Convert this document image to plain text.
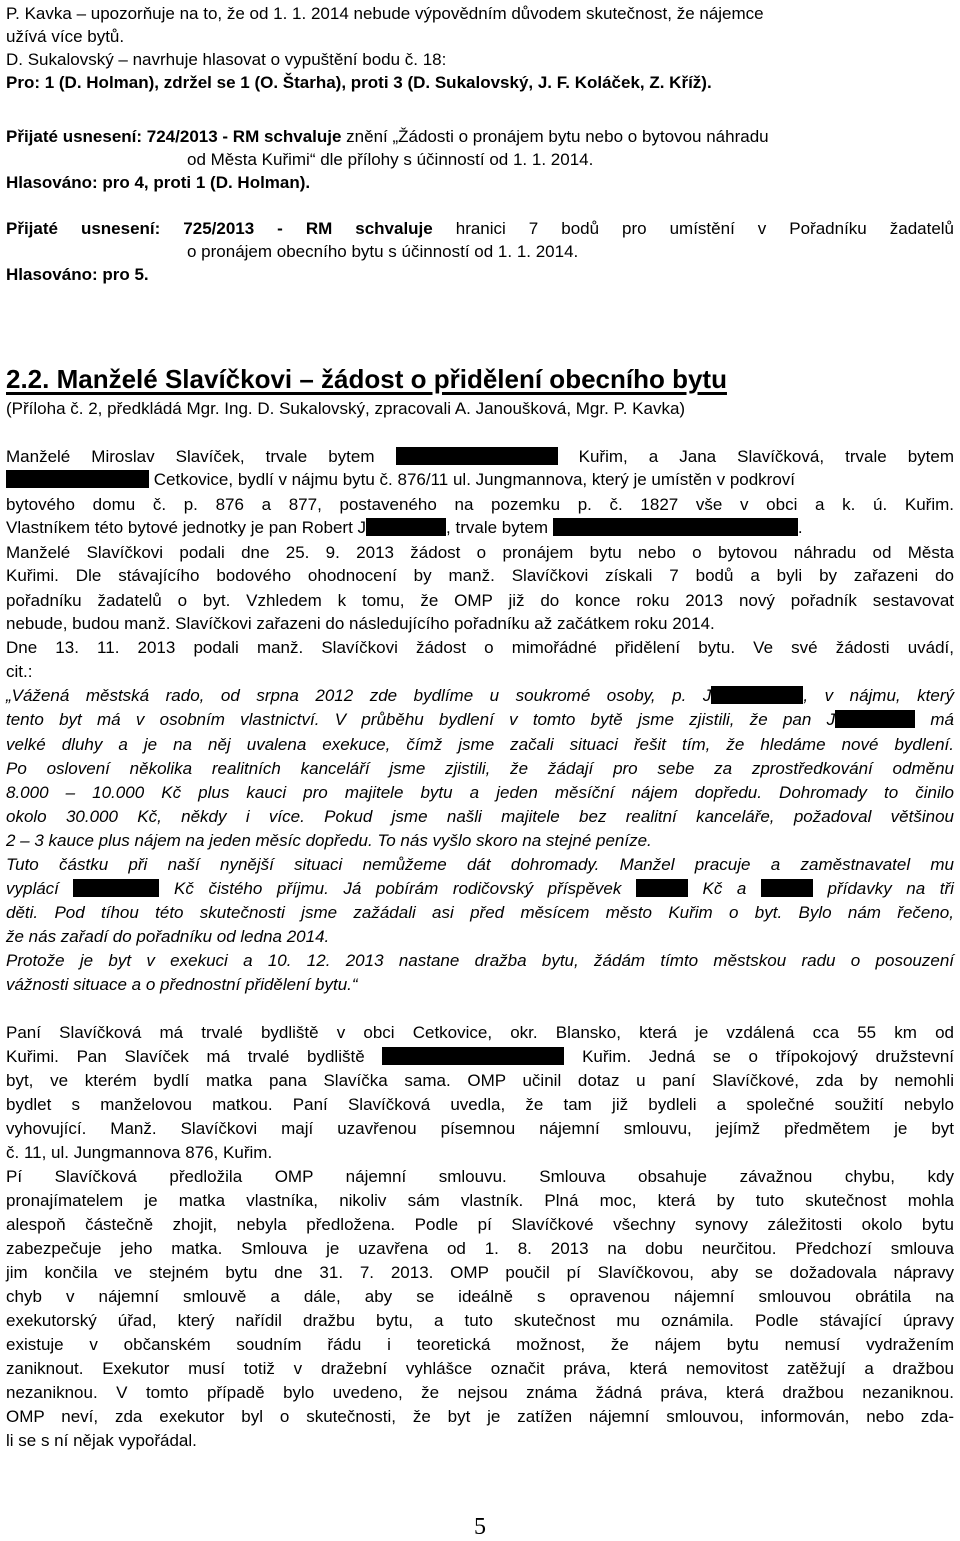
P. Kavka – upozorňuje na to, že od 1. 1. 2014 nebude výpovědním důvodem skutečnost, že nájemce
užívá více bytů.
D. Sukalovský – navrhuje hlasovat o vypuštění bodu č. 18:
Pro: 1 (D. Holman), zdržel se 1 (O. Štarha), proti 3 (D. Sukalovský, J. F. Koláček, Z. Kříž).
Přijaté usnesení: 724/2013 - RM schvaluje znění „Žádosti o pronájem bytu nebo o bytovou náhradu
od Města Kuřimi“ dle přílohy s účinností od 1. 1. 2014.
Hlasováno: pro 4, proti 1 (D. Holman).
Přijaté usnesení: 725/2013 - RM schvaluje hranici 7 bodů pro umístění v Pořadníku žadatelů
o pronájem obecního bytu s účinností od 1. 1. 2014.
Hlasováno: pro 5.
2.2. Manželé Slavíčkovi – žádost o přidělení obecního bytu
(Příloha č. 2, předkládá Mgr. Ing. D. Sukalovský, zpracovali A. Janoušková, Mgr. P. Kavka)
Manželé Miroslav Slavíček, trvale bytem	Kuřim, a Jana Slavíčková, trvale bytem
Cetkovice, bydlí v nájmu bytu č. 876/11 ul. Jungmannova, který je umístěn v podkroví
bytového domu č. p. 876 a 877, postaveného na pozemku p. č. 1827 vše v obci a k. ú. Kuřim.
Vlastníkem této bytové jednotky je pan Robert J	, trvale bytem	.
Manželé Slavíčkovi podali dne 25. 9. 2013 žádost o pronájem bytu nebo o bytovou náhradu od Města
Kuřimi. Dle stávajícího bodového ohodnocení by manž. Slavíčkovi získali 7 bodů a byli by zařazeni do
pořadníku žadatelů o byt. Vzhledem k tomu, že OMP již do konce roku 2013 nový pořadník sestavovat
nebude, budou manž. Slavíčkovi zařazeni do následujícího pořadníku až začátkem roku 2014.
Dne 13. 11. 2013 podali manž. Slavíčkovi žádost o mimořádné přidělení bytu. Ve své žádosti uvádí,
cit.:
„Vážená městská rado, od srpna 2012 zde bydlíme u soukromé osoby, p. J	, v nájmu, který
tento byt má v osobním vlastnictví. V průběhu bydlení v tomto bytě jsme zjistili, že pan J	má
velké dluhy a je na něj uvalena exekuce, čímž jsme začali situaci řešit tím, že hledáme nové bydlení.
Po oslovení několika realitních kanceláří jsme zjistili, že žádají pro sebe za zprostředkování odměnu
8.000 – 10.000 Kč plus kauci pro majitele bytu a jeden měsíční nájem dopředu. Dohromady to činilo
okolo 30.000 Kč, někdy i více. Pokud jsme našli majitele bez realitní kanceláře, požadoval většinou
2 – 3 kauce plus nájem na jeden měsíc dopředu. To nás vyšlo skoro na stejné peníze.
Tuto částku při naší nynější situaci nemůžeme dát dohromady. Manžel pracuje a zaměstnavatel mu
vyplácí	Kč čistého příjmu. Já pobírám rodičovský příspěvek	Kč a	přídavky na tři
děti. Pod tíhou této skutečnosti jsme zažádali asi před měsícem město Kuřim o byt. Bylo nám řečeno,
že nás zařadí do pořadníku od ledna 2014.
Protože je byt v exekuci a 10. 12. 2013 nastane dražba bytu, žádám tímto městskou radu o posouzení
vážnosti situace a o přednostní přidělení bytu.“
Paní Slavíčková má trvalé bydliště v obci Cetkovice, okr. Blansko, která je vzdálená cca 55 km od
Kuřimi. Pan Slavíček má trvalé bydliště	Kuřim. Jedná se o třípokojový družstevní
byt, ve kterém bydlí matka pana Slavíčka sama. OMP učinil dotaz u paní Slavíčkové, zda by nemohli
bydlet s manželovou matkou. Paní Slavíčková uvedla, že tam již bydleli a společné soužití nebylo
vyhovující. Manž. Slavíčkovi mají uzavřenou písemnou nájemní smlouvu, jejímž předmětem je byt
č. 11, ul. Jungmannova 876, Kuřim.
Pí Slavíčková předložila OMP nájemní smlouvu. Smlouva obsahuje závažnou chybu, kdy
pronajímatelem je matka vlastníka, nikoliv sám vlastník. Plná moc, která by tuto skutečnost mohla
alespoň částečně zhojit, nebyla předložena. Podle pí Slavíčkové všechny synovy záležitosti okolo bytu
zabezpečuje jeho matka. Smlouva je uzavřena od 1. 8. 2013 na dobu neurčitou. Předchozí smlouva
jim končila ve stejném bytu dne 31. 7. 2013. OMP poučil pí Slavíčkovou, aby se dožadovala nápravy
chyb v nájemní smlouvě a dále, aby se ideálně s opravenou nájemní smlouvou obrátila na
exekutorský úřad, který nařídil dražbu bytu, a tuto skutečnost mu oznámila. Podle stávající úpravy
existuje v občanském soudním řádu i teoretická možnost, že nájem bytu nemusí vydražením
zaniknout. Exekutor musí totiž v dražební vyhlášce označit práva, která nemovitost zatěžují a dražbou
nezaniknou. V tomto případě bylo uvedeno, že nejsou známa žádná práva, která dražbou nezaniknou.
OMP neví, zda exekutor byl o skutečnosti, že byt je zatížen nájemní smlouvou, informován, nebo zda-
li se s ní nějak vypořádal.
5
